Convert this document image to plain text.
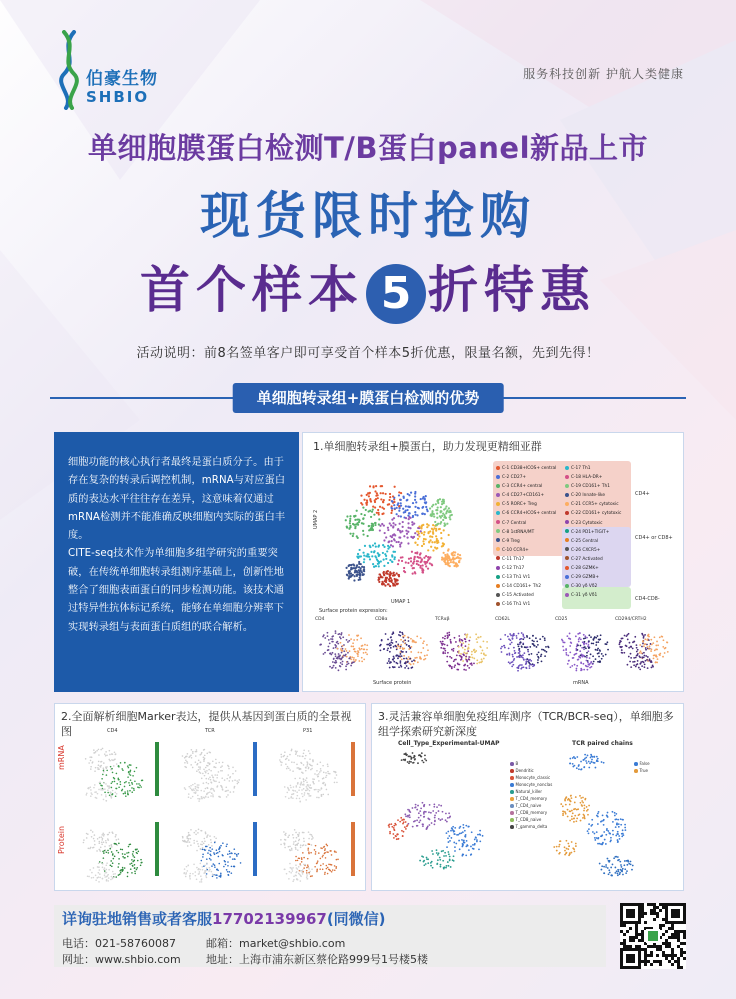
伯豪生物
SHBIO
服务科技创新 护航人类健康
单细胞膜蛋白检测T/B蛋白panel新品上市
现货限时抢购
首个样本 5 折特惠
活动说明：前8名签单客户即可享受首个样本5折优惠，限量名额，先到先得！
单细胞转录组+膜蛋白检测的优势

细胞功能的核心执行者最终是蛋白质分子。由于存在复杂的转录后调控机制，mRNA与对应蛋白质的表达水平往往存在差异，这意味着仅通过mRNA检测并不能准确反映细胞内实际的蛋白丰度。

CITE-seq技术作为单细胞多组学研究的重要突破，在传统单细胞转录组测序基础上，创新性地整合了细胞表面蛋白的同步检测功能。该技术通过特异性抗体标记系统，能够在单细胞分辨率下实现转录组与表面蛋白质组的联合解析。

1.单细胞转录组+膜蛋白，助力发现更精细亚群
UMAP 2
UMAP 1
C-1 CD38+ICOS+ central
C-2 CD27+
C-3 CCR4+ central
C-4 CD27+CD161+
C-5 RORC+ Treg
C-6 CCR4+ICOS+ central
C-7 Central
C-8 1stRNA/MT
C-9 Treg
C-10 CCR4+
C-11 Th17
C-12 Th17
C-13 Th1 Vr1
C-14 CD161+ Th2
C-15 Activated
C-16 Th1 Vr1
C-17 Th1
C-18 HLA-DR+
C-19 CD161+ Th1
C-20 Innate-like
C-21 CCR5+ cytotoxic
C-22 CD161+ cytotoxic
C-23 Cytotoxic
C-24 PD1+TIGIT+
C-25 Central
C-26 CXCR5+
C-27 Activated
C-28 GZMK+
C-29 GZMB+
C-30 γδ Vδ2
C-31 γδ Vδ1
CD4+
CD4+ or CD8+
CD4-CD8-
Surface protein expression:
CD4	CD8α	TCRαβ	CD62L	CD25	CD294/CRTH2
Surface protein	mRNA
2.全面解析细胞Marker表达，提供从基因到蛋白质的全景视图
mRNA
Protein
CD4	TCR	P31
3.灵活兼容单细胞免疫组库测序（TCR/BCR-seq），单细胞多组学探索研究新深度
Cell_Type_Experimental-UMAP	TCR paired chains
B
Dendritic
Monocyte_classic
Monocyte_nonclas
Natural_killer
T_CD4_memory
T_CD4_naive
T_CD8_memory
T_CD8_naive
T_gamma_delta
False
True
详询驻地销售或者客服17702139967(同微信)
电话：021-58760087
网址：www.shbio.com
邮箱：market@shbio.com
地址：上海市浦东新区蔡伦路999号1号楼5楼
